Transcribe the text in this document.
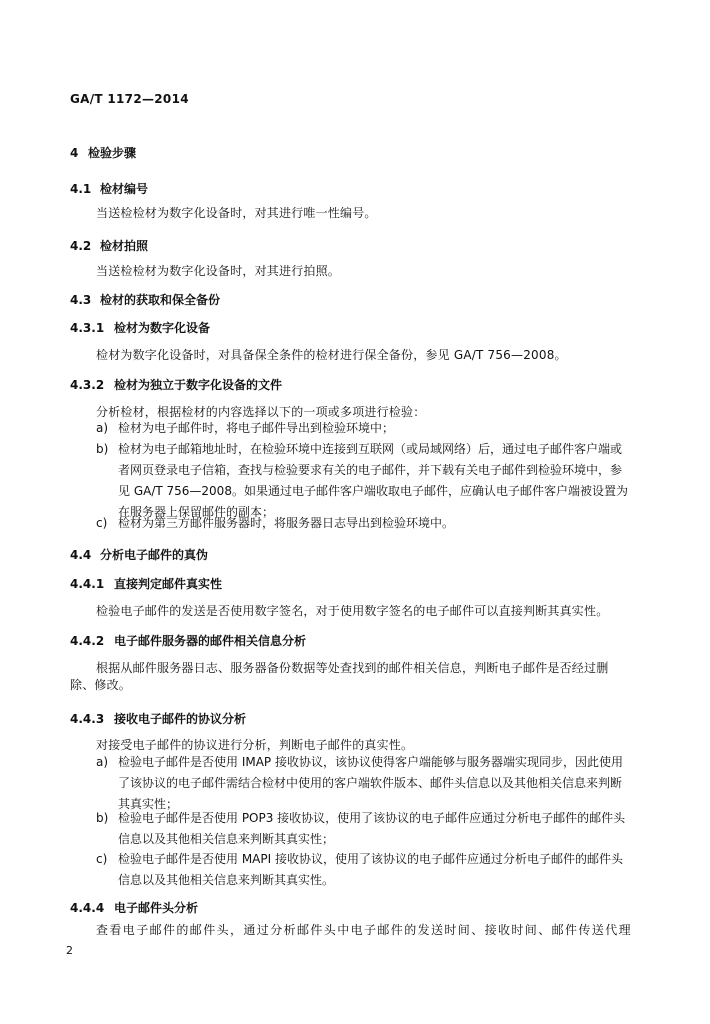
GA/T 1172—2014
4 检验步骤
4.1 检材编号
当送检检材为数字化设备时，对其进行唯一性编号。
4.2 检材拍照
当送检检材为数字化设备时，对其进行拍照。
4.3 检材的获取和保全备份
4.3.1 检材为数字化设备
检材为数字化设备时，对具备保全条件的检材进行保全备份，参见 GA/T 756—2008。
4.3.2 检材为独立于数字化设备的文件
分析检材，根据检材的内容选择以下的一项或多项进行检验：
a) 检材为电子邮件时，将电子邮件导出到检验环境中；
b) 检材为电子邮箱地址时，在检验环境中连接到互联网（或局域网络）后，通过电子邮件客户端或者网页登录电子信箱，查找与检验要求有关的电子邮件，并下载有关电子邮件到检验环境中，参见 GA/T 756—2008。如果通过电子邮件客户端收取电子邮件，应确认电子邮件客户端被设置为在服务器上保留邮件的副本；
c) 检材为第三方邮件服务器时，将服务器日志导出到检验环境中。
4.4 分析电子邮件的真伪
4.4.1 直接判定邮件真实性
检验电子邮件的发送是否使用数字签名，对于使用数字签名的电子邮件可以直接判断其真实性。
4.4.2 电子邮件服务器的邮件相关信息分析
根据从邮件服务器日志、服务器备份数据等处查找到的邮件相关信息，判断电子邮件是否经过删除、修改。
4.4.3 接收电子邮件的协议分析
对接受电子邮件的协议进行分析，判断电子邮件的真实性。
a) 检验电子邮件是否使用 IMAP 接收协议，该协议使得客户端能够与服务器端实现同步，因此使用了该协议的电子邮件需结合检材中使用的客户端软件版本、邮件头信息以及其他相关信息来判断其真实性；
b) 检验电子邮件是否使用 POP3 接收协议，使用了该协议的电子邮件应通过分析电子邮件的邮件头信息以及其他相关信息来判断其真实性；
c) 检验电子邮件是否使用 MAPI 接收协议，使用了该协议的电子邮件应通过分析电子邮件的邮件头信息以及其他相关信息来判断其真实性。
4.4.4 电子邮件头分析
查看电子邮件的邮件头，通过分析邮件头中电子邮件的发送时间、接收时间、邮件传送代理
2
